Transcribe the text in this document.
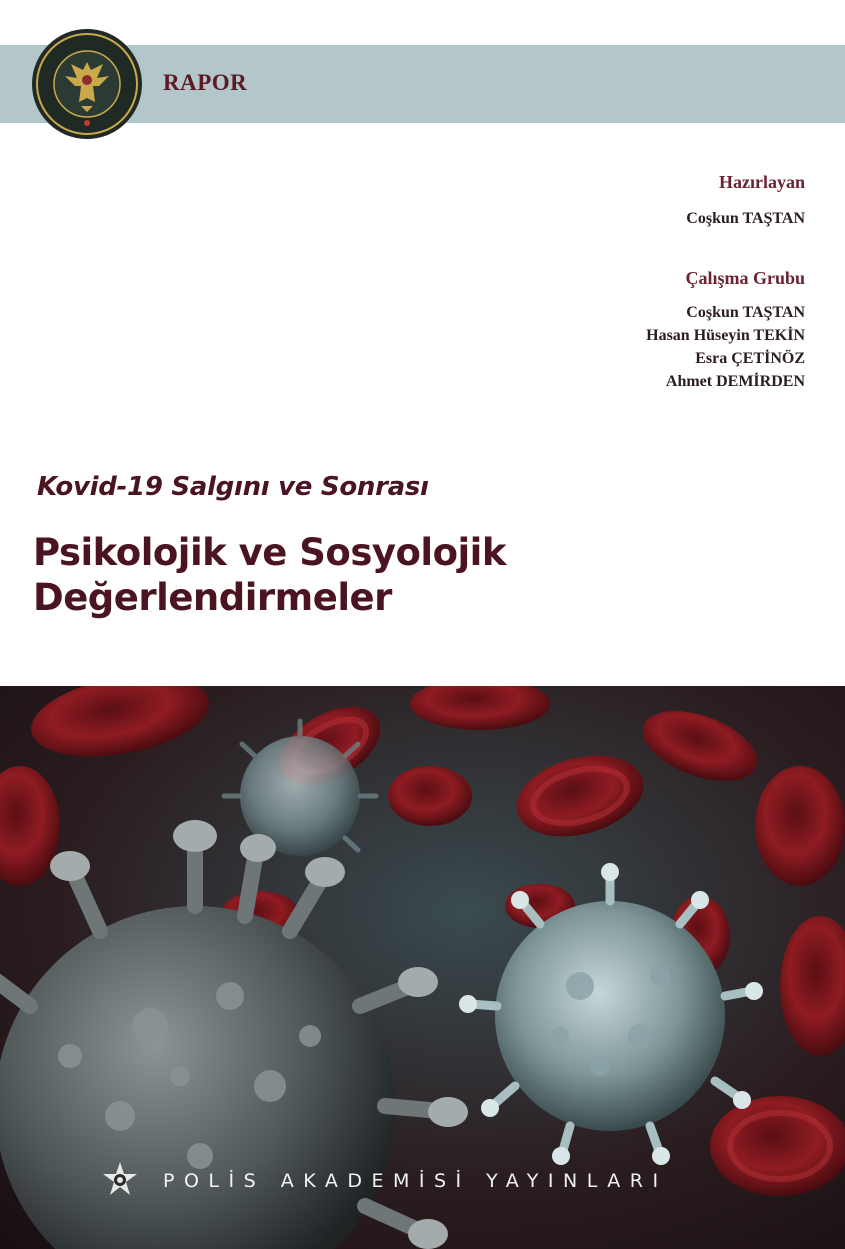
RAPOR
Hazırlayan
Coşkun TAŞTAN
Çalışma Grubu
Coşkun TAŞTAN
Hasan Hüseyin TEKİN
Esra ÇETİNÖZ
Ahmet DEMİRDEN
Kovid-19 Salgını ve Sonrası
Psikolojik ve Sosyolojik
Değerlendirmeler
POLİS AKADEMİSİ YAYINLARI
